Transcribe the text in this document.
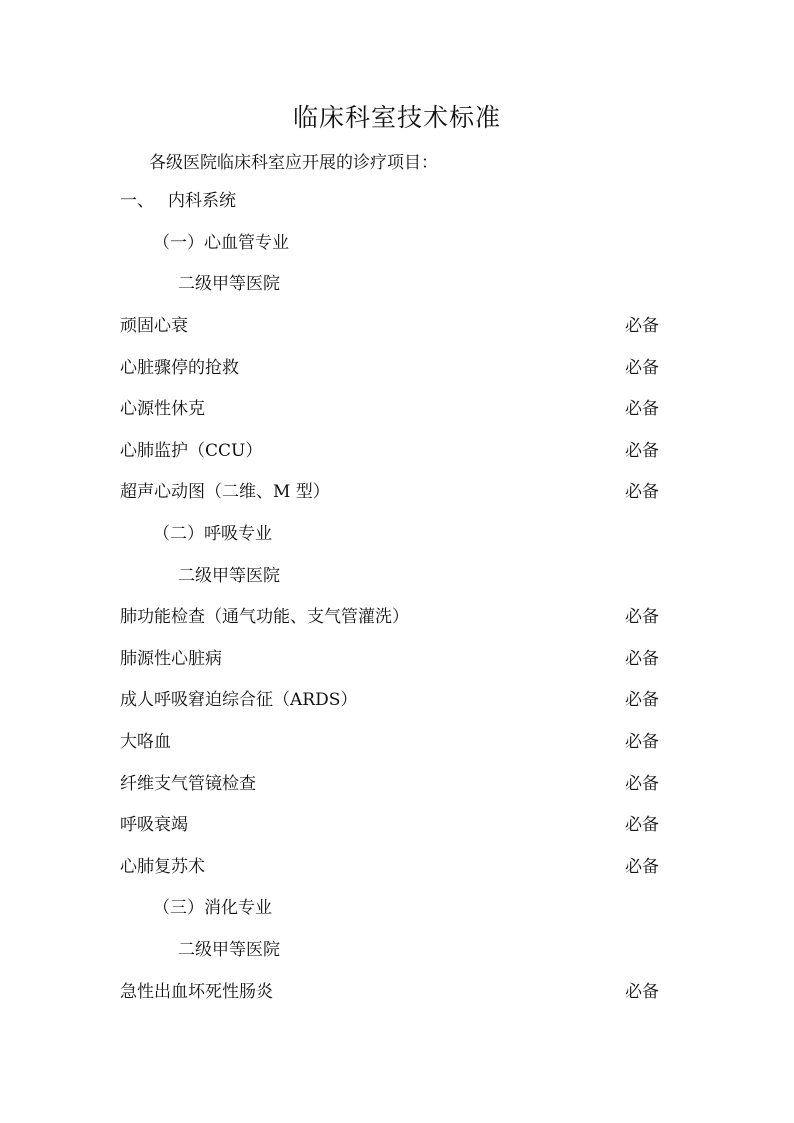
临床科室技术标准
各级医院临床科室应开展的诊疗项目：
一、 内科系统
（一）心血管专业
二级甲等医院
顽固心衰	必备
心脏骤停的抢救	必备
心源性休克	必备
心肺监护（CCU）	必备
超声心动图（二维、M 型）	必备
（二）呼吸专业
二级甲等医院
肺功能检查（通气功能、支气管灌洗）	必备
肺源性心脏病	必备
成人呼吸窘迫综合征（ARDS）	必备
大咯血	必备
纤维支气管镜检查	必备
呼吸衰竭	必备
心肺复苏术	必备
（三）消化专业
二级甲等医院
急性出血坏死性肠炎	必备
